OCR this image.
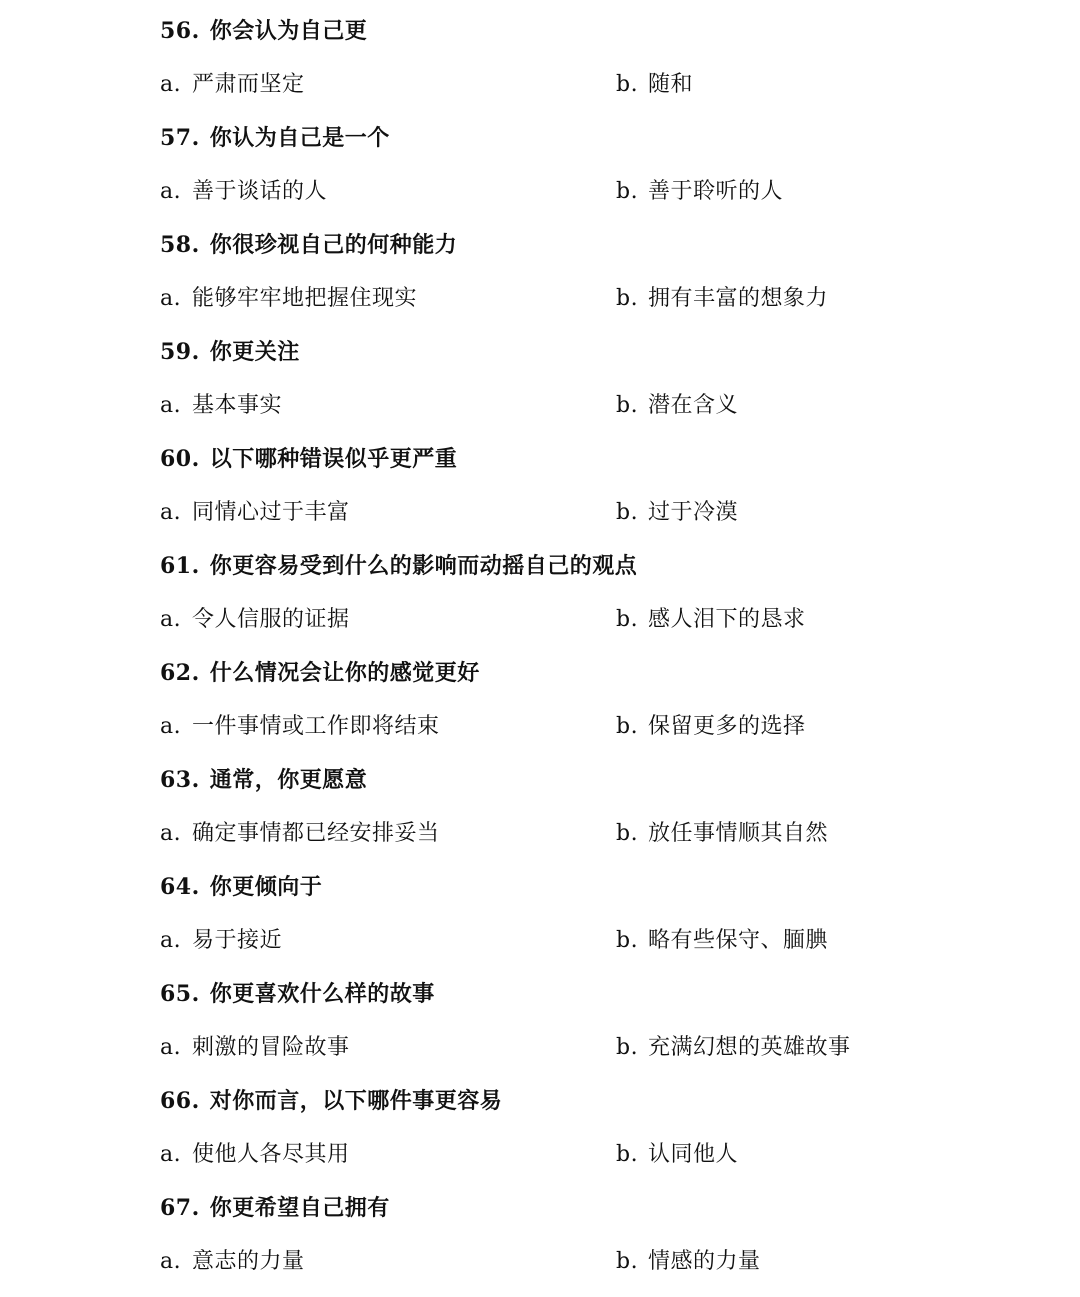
56. 你会认为自己更
a. 严肃而坚定	b. 随和
57. 你认为自己是一个
a. 善于谈话的人	b. 善于聆听的人
58. 你很珍视自己的何种能力
a. 能够牢牢地把握住现实	b. 拥有丰富的想象力
59. 你更关注
a. 基本事实	b. 潜在含义
60. 以下哪种错误似乎更严重
a. 同情心过于丰富	b. 过于冷漠
61. 你更容易受到什么的影响而动摇自己的观点
a. 令人信服的证据	b. 感人泪下的恳求
62. 什么情况会让你的感觉更好
a. 一件事情或工作即将结束	b. 保留更多的选择
63. 通常，你更愿意
a. 确定事情都已经安排妥当	b. 放任事情顺其自然
64. 你更倾向于
a. 易于接近	b. 略有些保守、腼腆
65. 你更喜欢什么样的故事
a. 刺激的冒险故事	b. 充满幻想的英雄故事
66. 对你而言，以下哪件事更容易
a. 使他人各尽其用	b. 认同他人
67. 你更希望自己拥有
a. 意志的力量	b. 情感的力量
